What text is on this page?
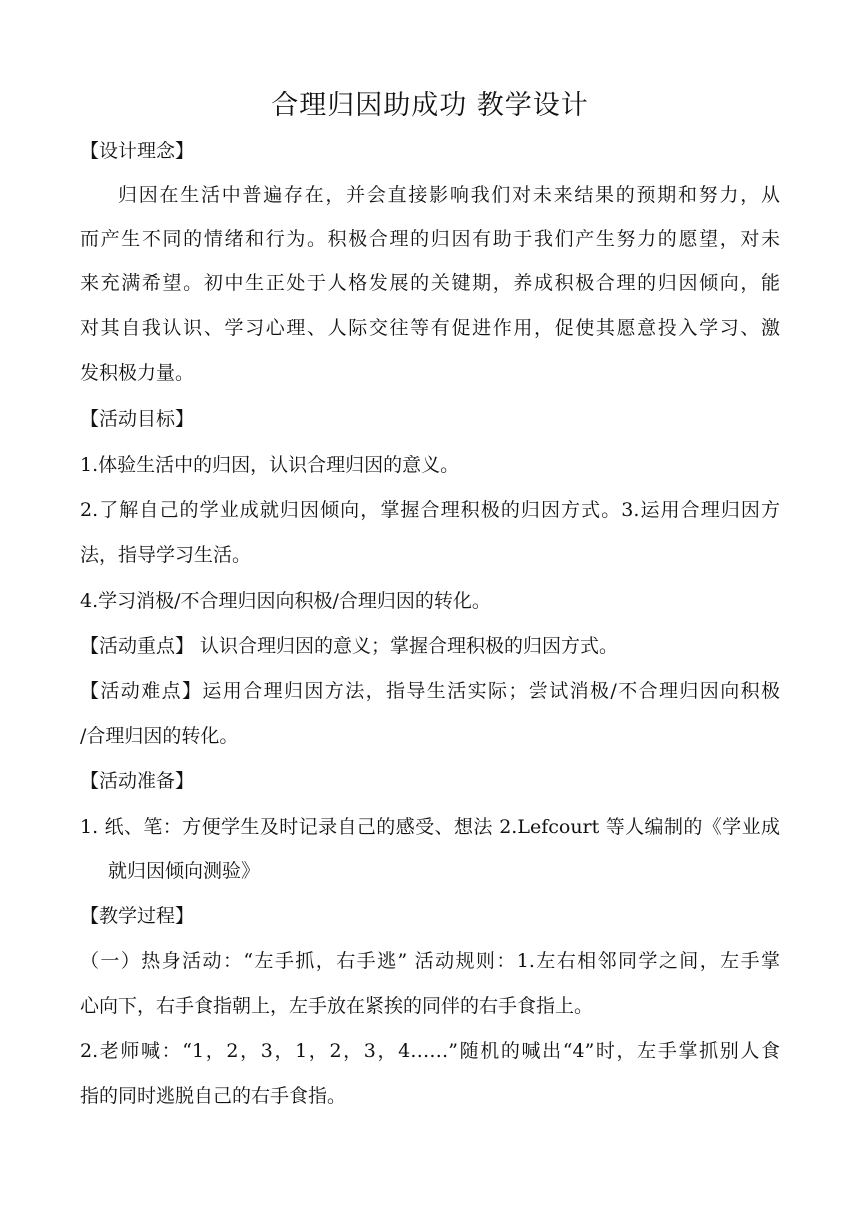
合理归因助成功 教学设计
【设计理念】
归因在生活中普遍存在，并会直接影响我们对未来结果的预期和努力，从
而产生不同的情绪和行为。积极合理的归因有助于我们产生努力的愿望，对未
来充满希望。初中生正处于人格发展的关键期，养成积极合理的归因倾向，能
对其自我认识、学习心理、人际交往等有促进作用，促使其愿意投入学习、激
发积极力量。
【活动目标】
1.体验生活中的归因，认识合理归因的意义。
2.了解自己的学业成就归因倾向，掌握合理积极的归因方式。3.运用合理归因方
法，指导学习生活。
4.学习消极/不合理归因向积极/合理归因的转化。
【活动重点】 认识合理归因的意义；掌握合理积极的归因方式。
【活动难点】运用合理归因方法，指导生活实际；尝试消极/不合理归因向积极
/合理归因的转化。
【活动准备】
1. 纸、笔：方便学生及时记录自己的感受、想法 2.Lefcourt 等人编制的《学业成
就归因倾向测验》
【教学过程】
（一）热身活动：“左手抓，右手逃” 活动规则：1.左右相邻同学之间，左手掌
心向下，右手食指朝上，左手放在紧挨的同伴的右手食指上。
2.老师喊：“1，2，3，1，2，3，4……”随机的喊出“4”时，左手掌抓别人食
指的同时逃脱自己的右手食指。
